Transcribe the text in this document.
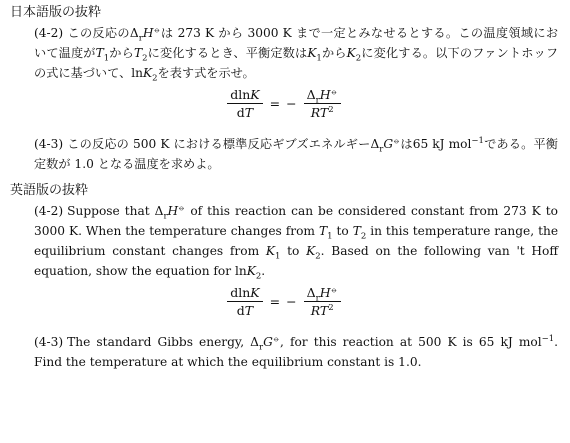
日本語版の抜粋

(4-2) この反応の$\Delta_rH^⦵$は 273 K から 3000 K まで一定とみなせるとする。この温度領域において温度が$T_1$から$T_2$に変化するとき、平衡定数は$K_1$から$K_2$に変化する。以下のファントホッフの式に基づいて、lnK$_2$を表す式を示せ。

$\frac{dlnK}{dT}$ = − $\frac{\Delta_rH^⦵}{RT^2}$

(4-3) この反応の 500 K における標準反応ギブズエネルギー$\Delta_rG^⦵$は65 kJ mol$^{-1}$である。平衡定数が 1.0 となる温度を求めよ。

英語版の抜粋

(4-2) Suppose that $\Delta_rH^⦵$ of this reaction can be considered constant from 273 K to 3000 K. When the temperature changes from $T_1$ to $T_2$ in this temperature range, the equilibrium constant changes from $K_1$ to $K_2$. Based on the following van 't Hoff equation, show the equation for lnK$_2$.

$\frac{dlnK}{dT}$ = − $\frac{\Delta_rH^⦵}{RT^2}$

(4-3) The standard Gibbs energy, $\Delta_rG^⦵$, for this reaction at 500 K is 65 kJ mol$^{-1}$. Find the temperature at which the equilibrium constant is 1.0.
